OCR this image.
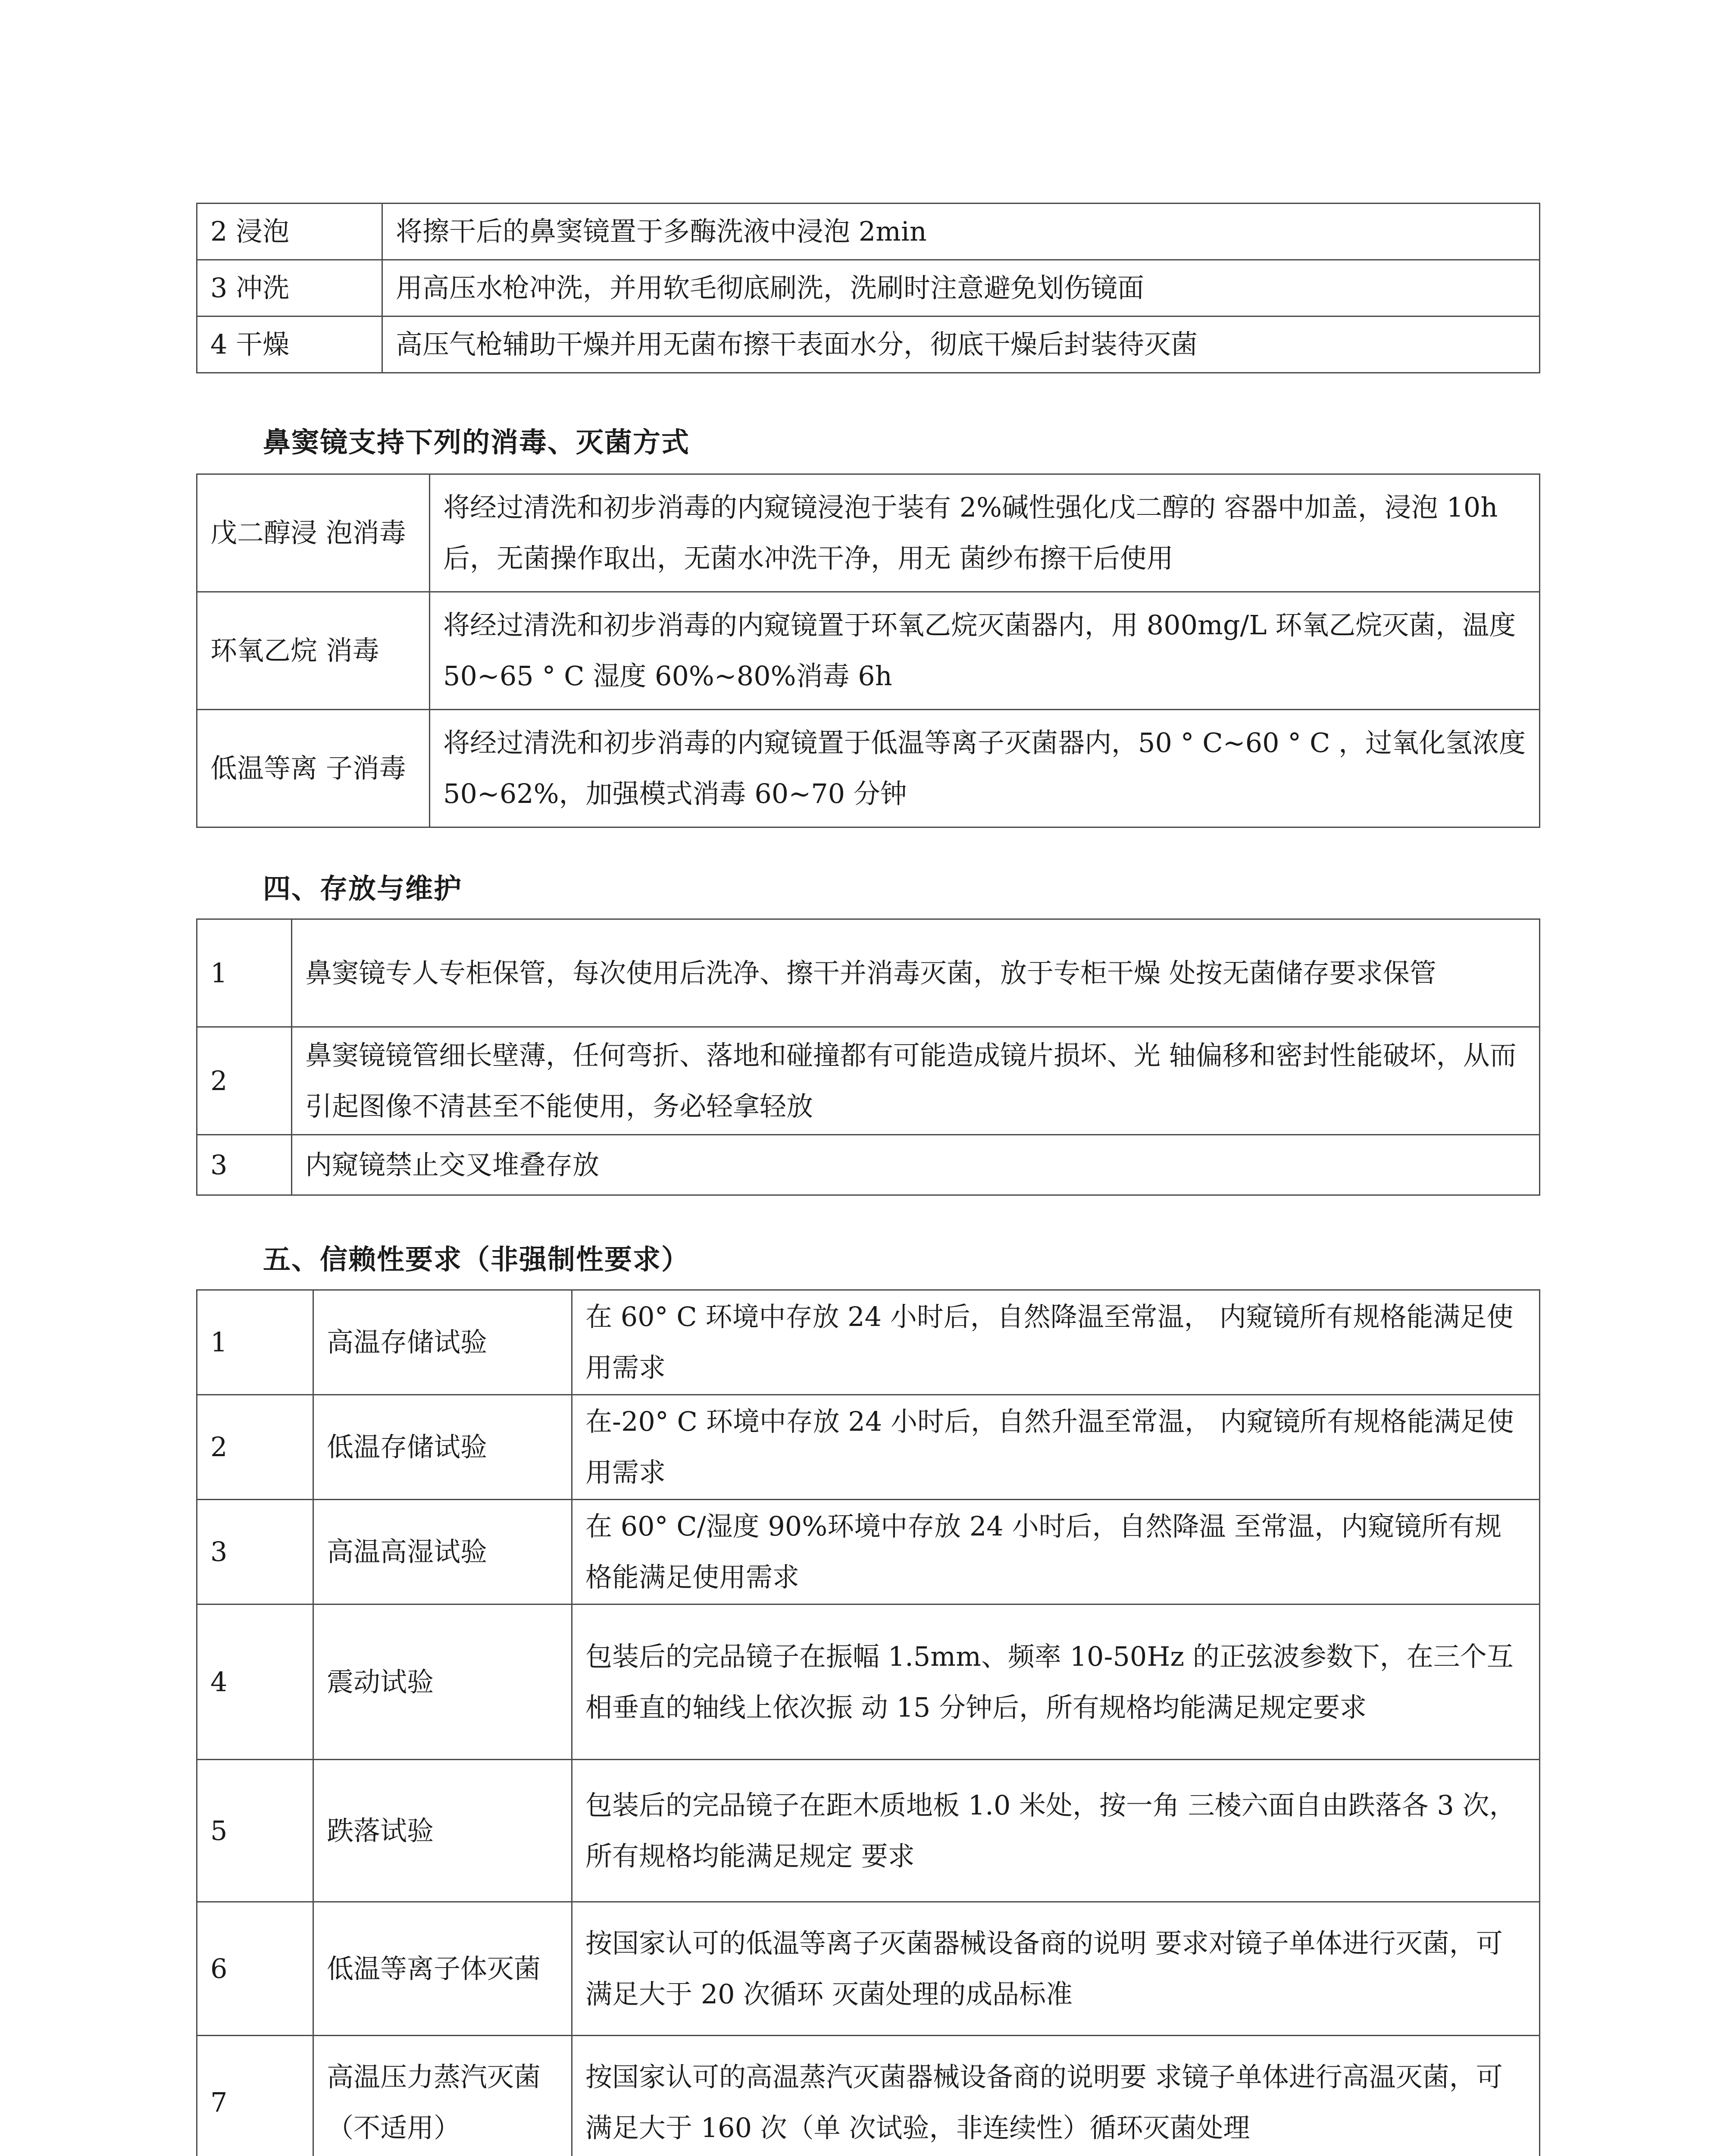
2 浸泡	将擦干后的鼻窦镜置于多酶洗液中浸泡 2min
3 冲洗	用高压水枪冲洗，并用软毛彻底刷洗，洗刷时注意避免划伤镜面
4 干燥	高压气枪辅助干燥并用无菌布擦干表面水分，彻底干燥后封装待灭菌
鼻窦镜支持下列的消毒、灭菌方式
戊二醇浸 泡消毒	将经过清洗和初步消毒的内窥镜浸泡于装有 2%碱性强化戊二醇的 容器中加盖，浸泡 10h 后，无菌操作取出，无菌水冲洗干净，用无 菌纱布擦干后使用
环氧乙烷 消毒	将经过清洗和初步消毒的内窥镜置于环氧乙烷灭菌器内，用 800mg/L 环氧乙烷灭菌，温度 50~65 ° C 湿度 60%~80%消毒 6h
低温等离 子消毒	将经过清洗和初步消毒的内窥镜置于低温等离子灭菌器内，50 ° C~60 ° C ，过氧化氢浓度 50~62%，加强模式消毒 60~70 分钟
四、存放与维护
1	鼻窦镜专人专柜保管，每次使用后洗净、擦干并消毒灭菌，放于专柜干燥 处按无菌储存要求保管
2	鼻窦镜镜管细长壁薄，任何弯折、落地和碰撞都有可能造成镜片损坏、光 轴偏移和密封性能破坏，从而引起图像不清甚至不能使用，务必轻拿轻放
3	内窥镜禁止交叉堆叠存放
五、信赖性要求（非强制性要求）
1	高温存储试验	在 60° C 环境中存放 24 小时后，自然降温至常温， 内窥镜所有规格能满足使用需求
2	低温存储试验	在-20° C 环境中存放 24 小时后，自然升温至常温， 内窥镜所有规格能满足使用需求
3	高温高湿试验	在 60° C/湿度 90%环境中存放 24 小时后，自然降温 至常温，内窥镜所有规格能满足使用需求
4	震动试验	包装后的完品镜子在振幅 1.5mm、频率 10-50Hz 的正弦波参数下，在三个互相垂直的轴线上依次振 动 15 分钟后，所有规格均能满足规定要求
5	跌落试验	包装后的完品镜子在距木质地板 1.0 米处，按一角 三棱六面自由跌落各 3 次，所有规格均能满足规定 要求
6	低温等离子体灭菌	按国家认可的低温等离子灭菌器械设备商的说明 要求对镜子单体进行灭菌，可满足大于 20 次循环 灭菌处理的成品标准
7	高温压力蒸汽灭菌（不适用）	按国家认可的高温蒸汽灭菌器械设备商的说明要 求镜子单体进行高温灭菌，可满足大于 160 次（单 次试验，非连续性）循环灭菌处理
